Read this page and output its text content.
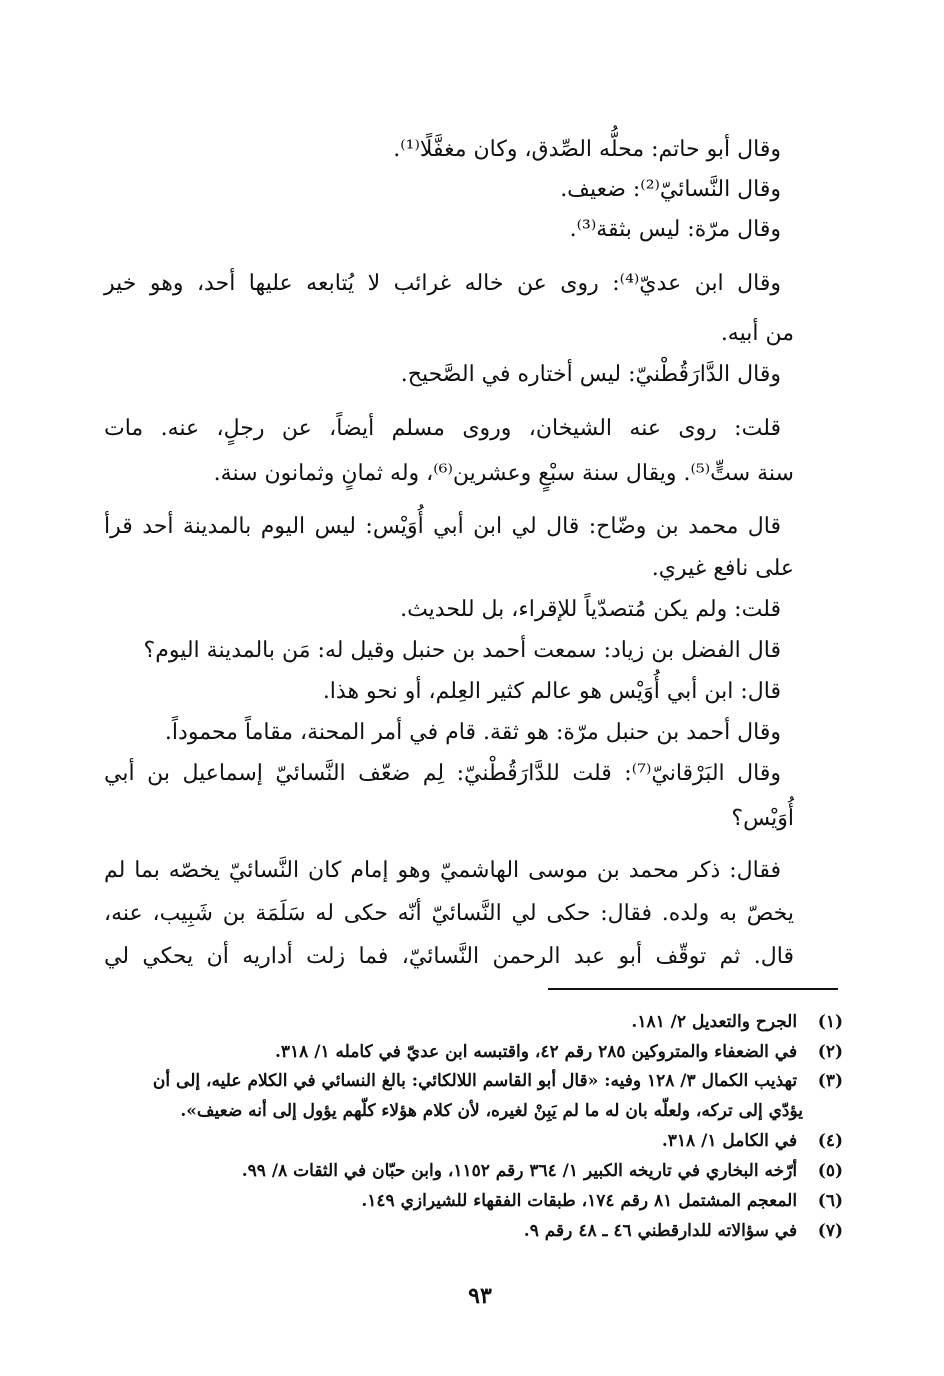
وقال أبو حاتم: محلُّه الصِّدق، وكان مغفَّلًا⁽¹⁾.
وقال النَّسائيّ⁽²⁾: ضعيف.
وقال مرّة: ليس بثقة⁽³⁾.
وقال ابن عديّ⁽⁴⁾: روى عن خاله غرائب لا يُتابعه عليها أحد، وهو خير
من أبيه.
وقال الدَّارَقُطْنيّ: ليس أختاره في الصَّحيح.
قلت: روى عنه الشيخان، وروى مسلم أيضاً، عن رجلٍ، عنه. مات
سنة ستٍّ⁽⁵⁾. ويقال سنة سبْعٍ وعشرين⁽⁶⁾، وله ثمانٍ وثمانون سنة.
قال محمد بن وضّاح: قال لي ابن أبي أُوَيْس: ليس اليوم بالمدينة أحد قرأ
على نافع غيري.
قلت: ولم يكن مُتصدّياً للإقراء، بل للحديث.
قال الفضل بن زياد: سمعت أحمد بن حنبل وقيل له: مَن بالمدينة اليوم؟
قال: ابن أبي أُوَيْس هو عالم كثير العِلم، أو نحو هذا.
وقال أحمد بن حنبل مرّة: هو ثقة. قام في أمر المحنة، مقاماً محموداً.
وقال البَرْقانيّ⁽⁷⁾: قلت للدَّارَقُطْنيّ: لِم ضعّف النَّسائيّ إسماعيل بن أبي
أُوَيْس؟
فقال: ذكر محمد بن موسى الهاشميّ وهو إمام كان النَّسائيّ يخصّه بما لم
يخصّ به ولده. فقال: حكى لي النَّسائيّ أنّه حكى له سَلَمَة بن شَبِيب، عنه،
قال. ثم توقّف أبو عبد الرحمن النَّسائيّ، فما زلت أداريه أن يحكي لي
(١) الجرح والتعديل ٢/ ١٨١.
(٢) في الضعفاء والمتروكين ٢٨٥ رقم ٤٢، واقتبسه ابن عديّ في كامله ١/ ٣١٨.
(٣) تهذيب الكمال ٣/ ١٢٨ وفيه: «قال أبو القاسم اللالكائي: بالغ النسائي في الكلام عليه، إلى أن
يؤدّي إلى تركه، ولعلّه بان له ما لم يَبِنْ لغيره، لأن كلام هؤلاء كلّهم يؤول إلى أنه ضعيف».
(٤) في الكامل ١/ ٣١٨.
(٥) أرّخه البخاري في تاريخه الكبير ١/ ٣٦٤ رقم ١١٥٢، وابن حبّان في الثقات ٨/ ٩٩.
(٦) المعجم المشتمل ٨١ رقم ١٧٤، طبقات الفقهاء للشيرازي ١٤٩.
(٧) في سؤالاته للدارقطني ٤٦ ـ ٤٨ رقم ٩.
٩٣
